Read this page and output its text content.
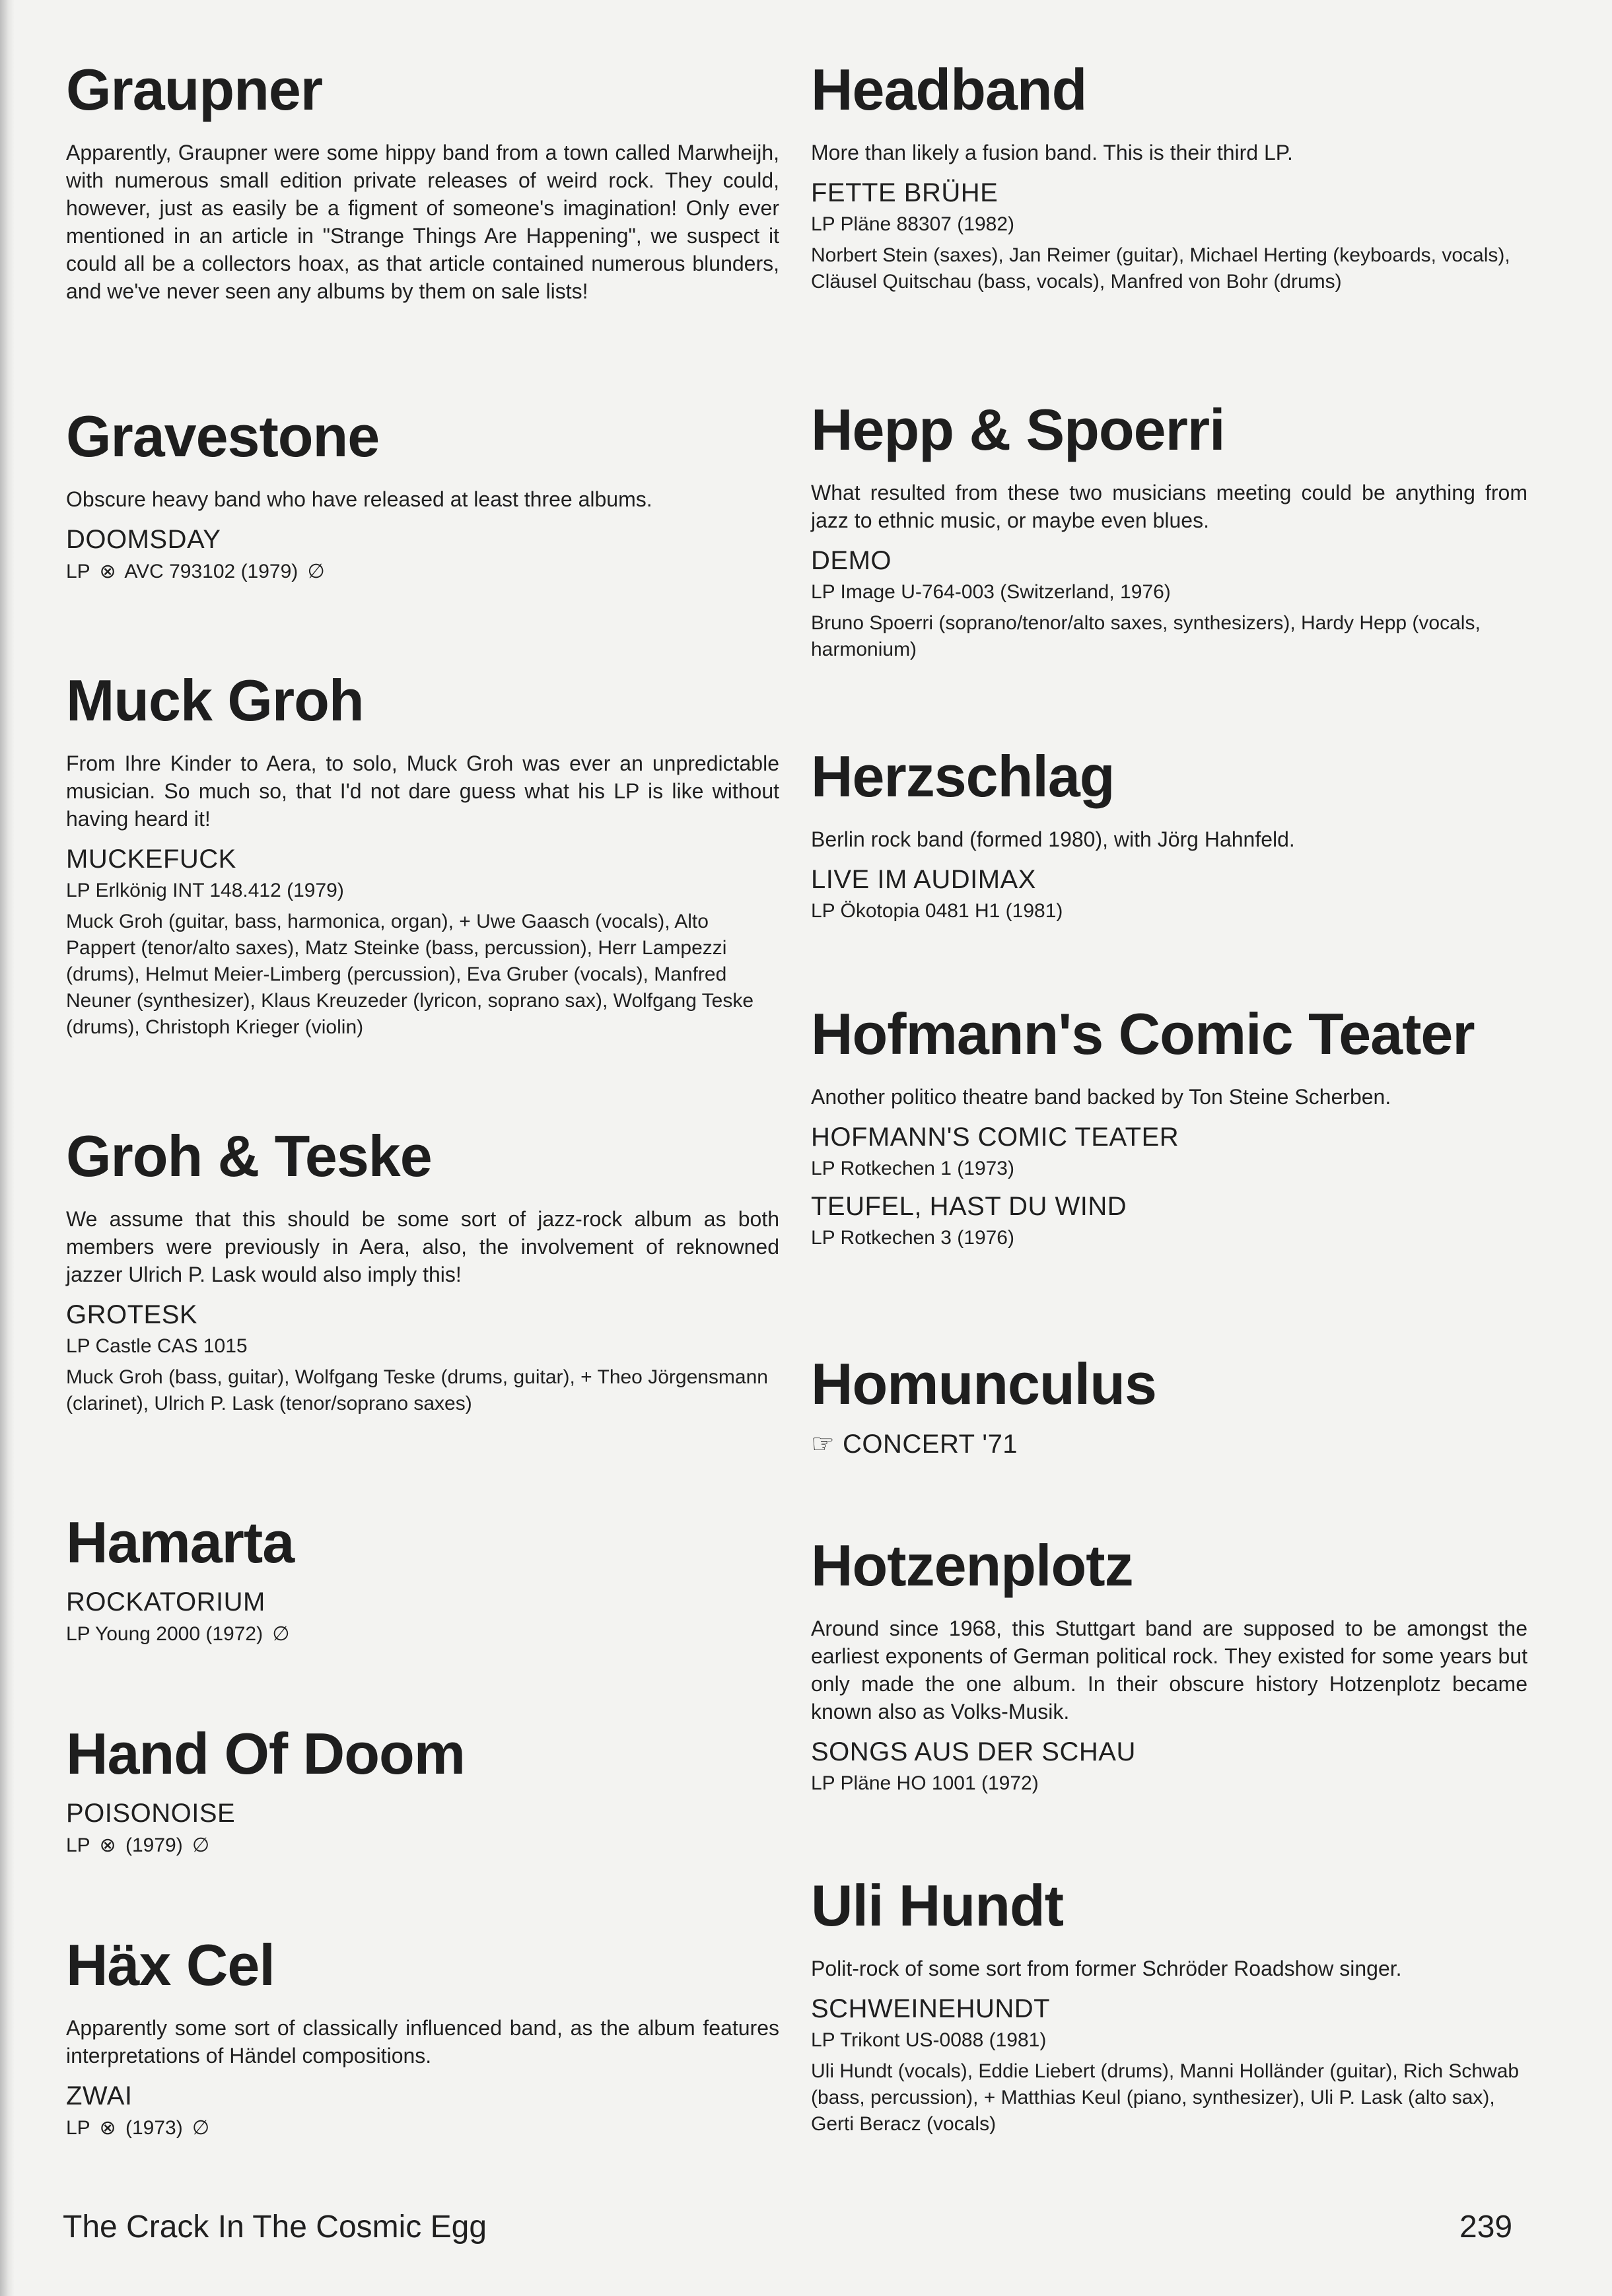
Graupner

Apparently, Graupner were some hippy band from a town called Marwheijh, with numerous small edition private releases of weird rock. They could, however, just as easily be a figment of someone's imagination! Only ever mentioned in an article in "Strange Things Are Happening", we suspect it could all be a collectors hoax, as that article contained numerous blunders, and we've never seen any albums by them on sale lists!

Gravestone

Obscure heavy band who have released at least three albums.

DOOMSDAY
LP ⊗ AVC 793102 (1979) ∅
Muck Groh

From Ihre Kinder to Aera, to solo, Muck Groh was ever an unpredictable musician. So much so, that I'd not dare guess what his LP is like without having heard it!

MUCKEFUCK
LP Erlkönig INT 148.412 (1979)

Muck Groh (guitar, bass, harmonica, organ), + Uwe Gaasch (vocals), Alto Pappert (tenor/alto saxes), Matz Steinke (bass, percussion), Herr Lampezzi (drums), Helmut Meier-Limberg (percussion), Eva Gruber (vocals), Manfred Neuner (synthesizer), Klaus Kreuzeder (lyricon, soprano sax), Wolfgang Teske (drums), Christoph Krieger (violin)

Groh & Teske

We assume that this should be some sort of jazz-rock album as both members were previously in Aera, also, the involvement of reknowned jazzer Ulrich P. Lask would also imply this!

GROTESK
LP Castle CAS 1015

Muck Groh (bass, guitar), Wolfgang Teske (drums, guitar), + Theo Jörgensmann (clarinet), Ulrich P. Lask (tenor/soprano saxes)

Hamarta
ROCKATORIUM
LP Young 2000 (1972) ∅
Hand Of Doom
POISONOISE
LP ⊗ (1979) ∅
Häx Cel

Apparently some sort of classically influenced band, as the album features interpretations of Händel compositions.

ZWAI
LP ⊗ (1973) ∅
Headband

More than likely a fusion band. This is their third LP.

FETTE BRÜHE
LP Pläne 88307 (1982)

Norbert Stein (saxes), Jan Reimer (guitar), Michael Herting (keyboards, vocals), Cläusel Quitschau (bass, vocals), Manfred von Bohr (drums)

Hepp & Spoerri

What resulted from these two musicians meeting could be anything from jazz to ethnic music, or maybe even blues.

DEMO
LP Image U-764-003 (Switzerland, 1976)

Bruno Spoerri (soprano/tenor/alto saxes, synthesizers), Hardy Hepp (vocals, harmonium)

Herzschlag

Berlin rock band (formed 1980), with Jörg Hahnfeld.

LIVE IM AUDIMAX
LP Ökotopia 0481 H1 (1981)
Hofmann's Comic Teater

Another politico theatre band backed by Ton Steine Scherben.

HOFMANN'S COMIC TEATER
LP Rotkechen 1 (1973)
TEUFEL, HAST DU WIND
LP Rotkechen 3 (1976)
Homunculus
☞ CONCERT '71
Hotzenplotz

Around since 1968, this Stuttgart band are supposed to be amongst the earliest exponents of German political rock. They existed for some years but only made the one album. In their obscure history Hotzenplotz became known also as Volks-Musik.

SONGS AUS DER SCHAU
LP Pläne HO 1001 (1972)
Uli Hundt

Polit-rock of some sort from former Schröder Roadshow singer.

SCHWEINEHUNDT
LP Trikont US-0088 (1981)

Uli Hundt (vocals), Eddie Liebert (drums), Manni Holländer (guitar), Rich Schwab (bass, percussion), + Matthias Keul (piano, synthesizer), Uli P. Lask (alto sax), Gerti Beracz (vocals)

The Crack In The Cosmic Egg	239
